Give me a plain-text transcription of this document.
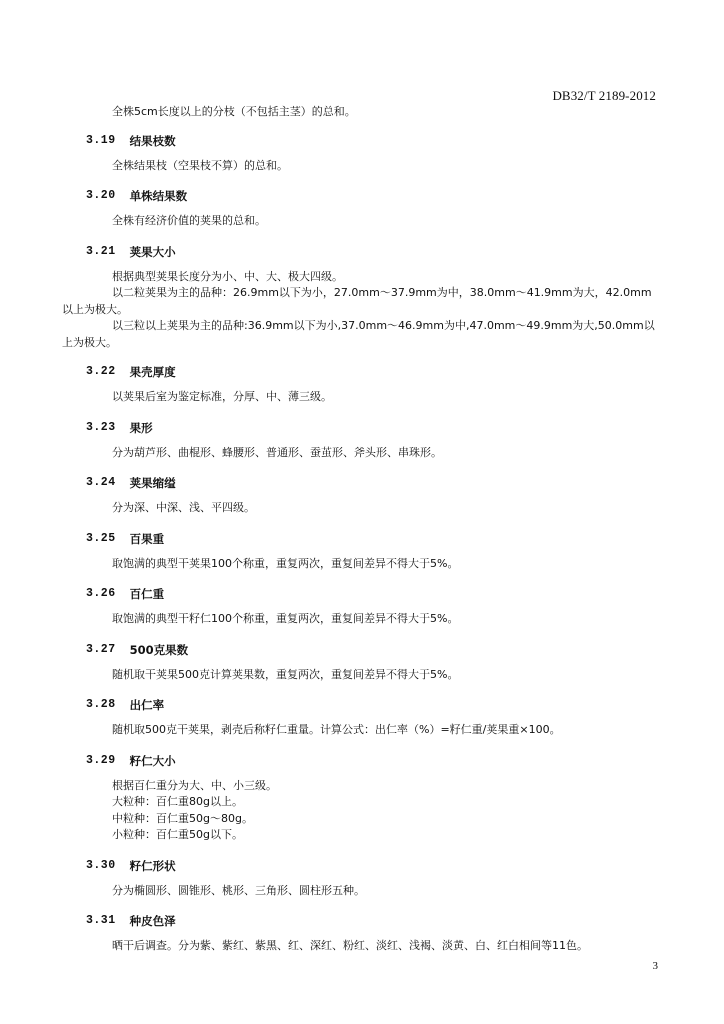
DB32/T 2189-2012

全株5cm长度以上的分枝（不包括主茎）的总和。

3.19 结果枝数

全株结果枝（空果枝不算）的总和。

3.20 单株结果数

全株有经济价值的荚果的总和。

3.21 荚果大小

根据典型荚果长度分为小、中、大、极大四级。

以二粒荚果为主的品种：26.9mm以下为小，27.0mm～37.9mm为中，38.0mm～41.9mm为大，42.0mm以上为极大。

以三粒以上荚果为主的品种:36.9mm以下为小,37.0mm～46.9mm为中,47.0mm～49.9mm为大,50.0mm以上为极大。

3.22 果壳厚度

以荚果后室为鉴定标准，分厚、中、薄三级。

3.23 果形

分为葫芦形、曲棍形、蜂腰形、普通形、蚕茧形、斧头形、串珠形。

3.24 荚果缩缢

分为深、中深、浅、平四级。

3.25 百果重

取饱满的典型干荚果100个称重，重复两次，重复间差异不得大于5%。

3.26 百仁重

取饱满的典型干籽仁100个称重，重复两次，重复间差异不得大于5%。

3.27 500克果数

随机取干荚果500克计算荚果数，重复两次，重复间差异不得大于5%。

3.28 出仁率

随机取500克干荚果，剥壳后称籽仁重量。计算公式：出仁率（%）=籽仁重/荚果重×100。

3.29 籽仁大小

根据百仁重分为大、中、小三级。

大粒种：百仁重80g以上。

中粒种：百仁重50g～80g。

小粒种：百仁重50g以下。

3.30 籽仁形状

分为椭圆形、圆锥形、桃形、三角形、圆柱形五种。

3.31 种皮色泽

晒干后调查。分为紫、紫红、紫黑、红、深红、粉红、淡红、浅褐、淡黄、白、红白相间等11色。

3
